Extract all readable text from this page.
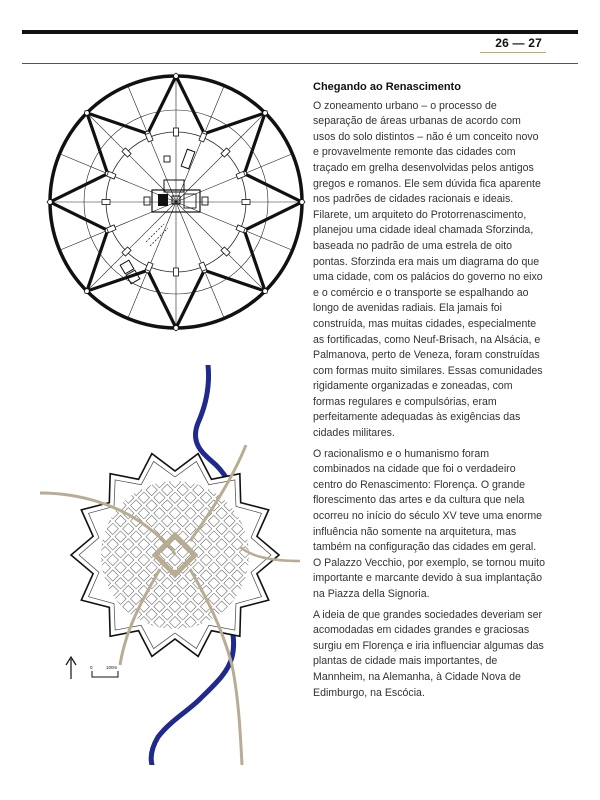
26 — 27
0	100m
Chegando ao Renascimento

O zoneamento urbano – o processo de separação de áreas urbanas de acordo com usos do solo distintos – não é um conceito novo e provavelmente remonte das cidades com traçado em grelha desenvolvidas pelos antigos gregos e romanos. Ele sem dúvida fica aparente nos padrões de cidades racionais e ideais. Filarete, um arquiteto do Protorrenascimento, planejou uma cidade ideal chamada Sforzinda, baseada no padrão de uma estrela de oito pontas. Sforzinda era mais um diagrama do que uma cidade, com os palácios do governo no eixo e o comércio e o transporte se espalhando ao longo de avenidas radiais. Ela jamais foi construída, mas muitas cidades, especialmente as fortificadas, como Neuf-Brisach, na Alsácia, e Palmanova, perto de Veneza, foram construídas com formas muito similares. Essas comunidades rigidamente organizadas e zoneadas, com formas regulares e compulsórias, eram perfeitamente adequadas às exigências das cidades militares.

O racionalismo e o humanismo foram combinados na cidade que foi o verdadeiro centro do Renascimento: Florença. O grande florescimento das artes e da cultura que nela ocorreu no início do século XV teve uma enorme influência não somente na arquitetura, mas também na configuração das cidades em geral. O Palazzo Vecchio, por exemplo, se tornou muito importante e marcante devido à sua implantação na Piazza della Signoria.

A ideia de que grandes sociedades deveriam ser acomodadas em cidades grandes e graciosas surgiu em Florença e iria influenciar algumas das plantas de cidade mais importantes, de Mannheim, na Alemanha, à Cidade Nova de Edimburgo, na Escócia.
